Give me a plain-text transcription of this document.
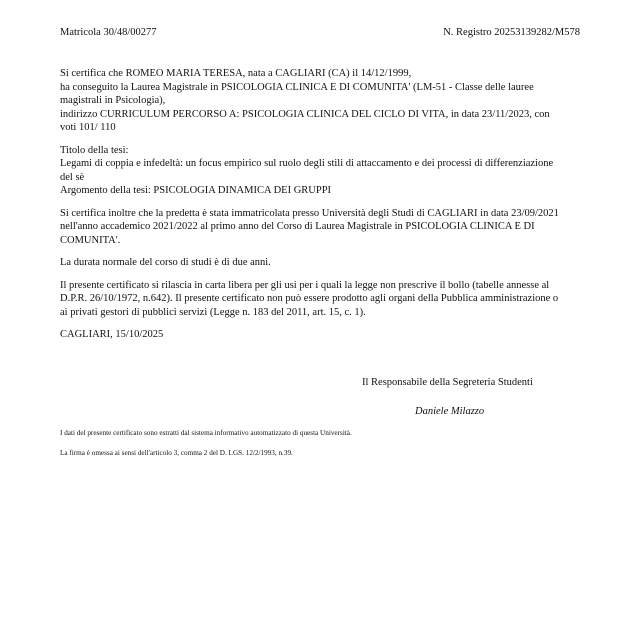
Matricola 30/48/00277	N. Registro 20253139282/M578

Si certifica che ROMEO MARIA TERESA, nata a CAGLIARI (CA) il 14/12/1999,
ha conseguito la Laurea Magistrale in PSICOLOGIA CLINICA E DI COMUNITA' (LM-51 - Classe delle lauree
magistrali in Psicologia),
indirizzo CURRICULUM PERCORSO A: PSICOLOGIA CLINICA DEL CICLO DI VITA, in data 23/11/2023, con
voti 101/ 110

Titolo della tesi:
Legami di coppia e infedeltà: un focus empirico sul ruolo degli stili di attaccamento e dei processi di differenziazione
del sè
Argomento della tesi: PSICOLOGIA DINAMICA DEI GRUPPI

Si certifica inoltre che la predetta è stata immatricolata presso Università degli Studi di CAGLIARI in data 23/09/2021
nell'anno accademico 2021/2022 al primo anno del Corso di Laurea Magistrale in PSICOLOGIA CLINICA E DI
COMUNITA'.

La durata normale del corso di studi è di due anni.

Il presente certificato si rilascia in carta libera per gli usi per i quali la legge non prescrive il bollo (tabelle annesse al
D.P.R. 26/10/1972, n.642). Il presente certificato non può essere prodotto agli organi della Pubblica amministrazione o
ai privati gestori di pubblici servizi (Legge n. 183 del 2011, art. 15, c. 1).

CAGLIARI, 15/10/2025

Il Responsabile della Segreteria Studenti
Daniele Milazzo
I dati del presente certificato sono estratti dal sistema informativo automatizzato di questa Università.
La firma è omessa ai sensi dell'articolo 3, comma 2 del D. LGS. 12/2/1993, n.39.
